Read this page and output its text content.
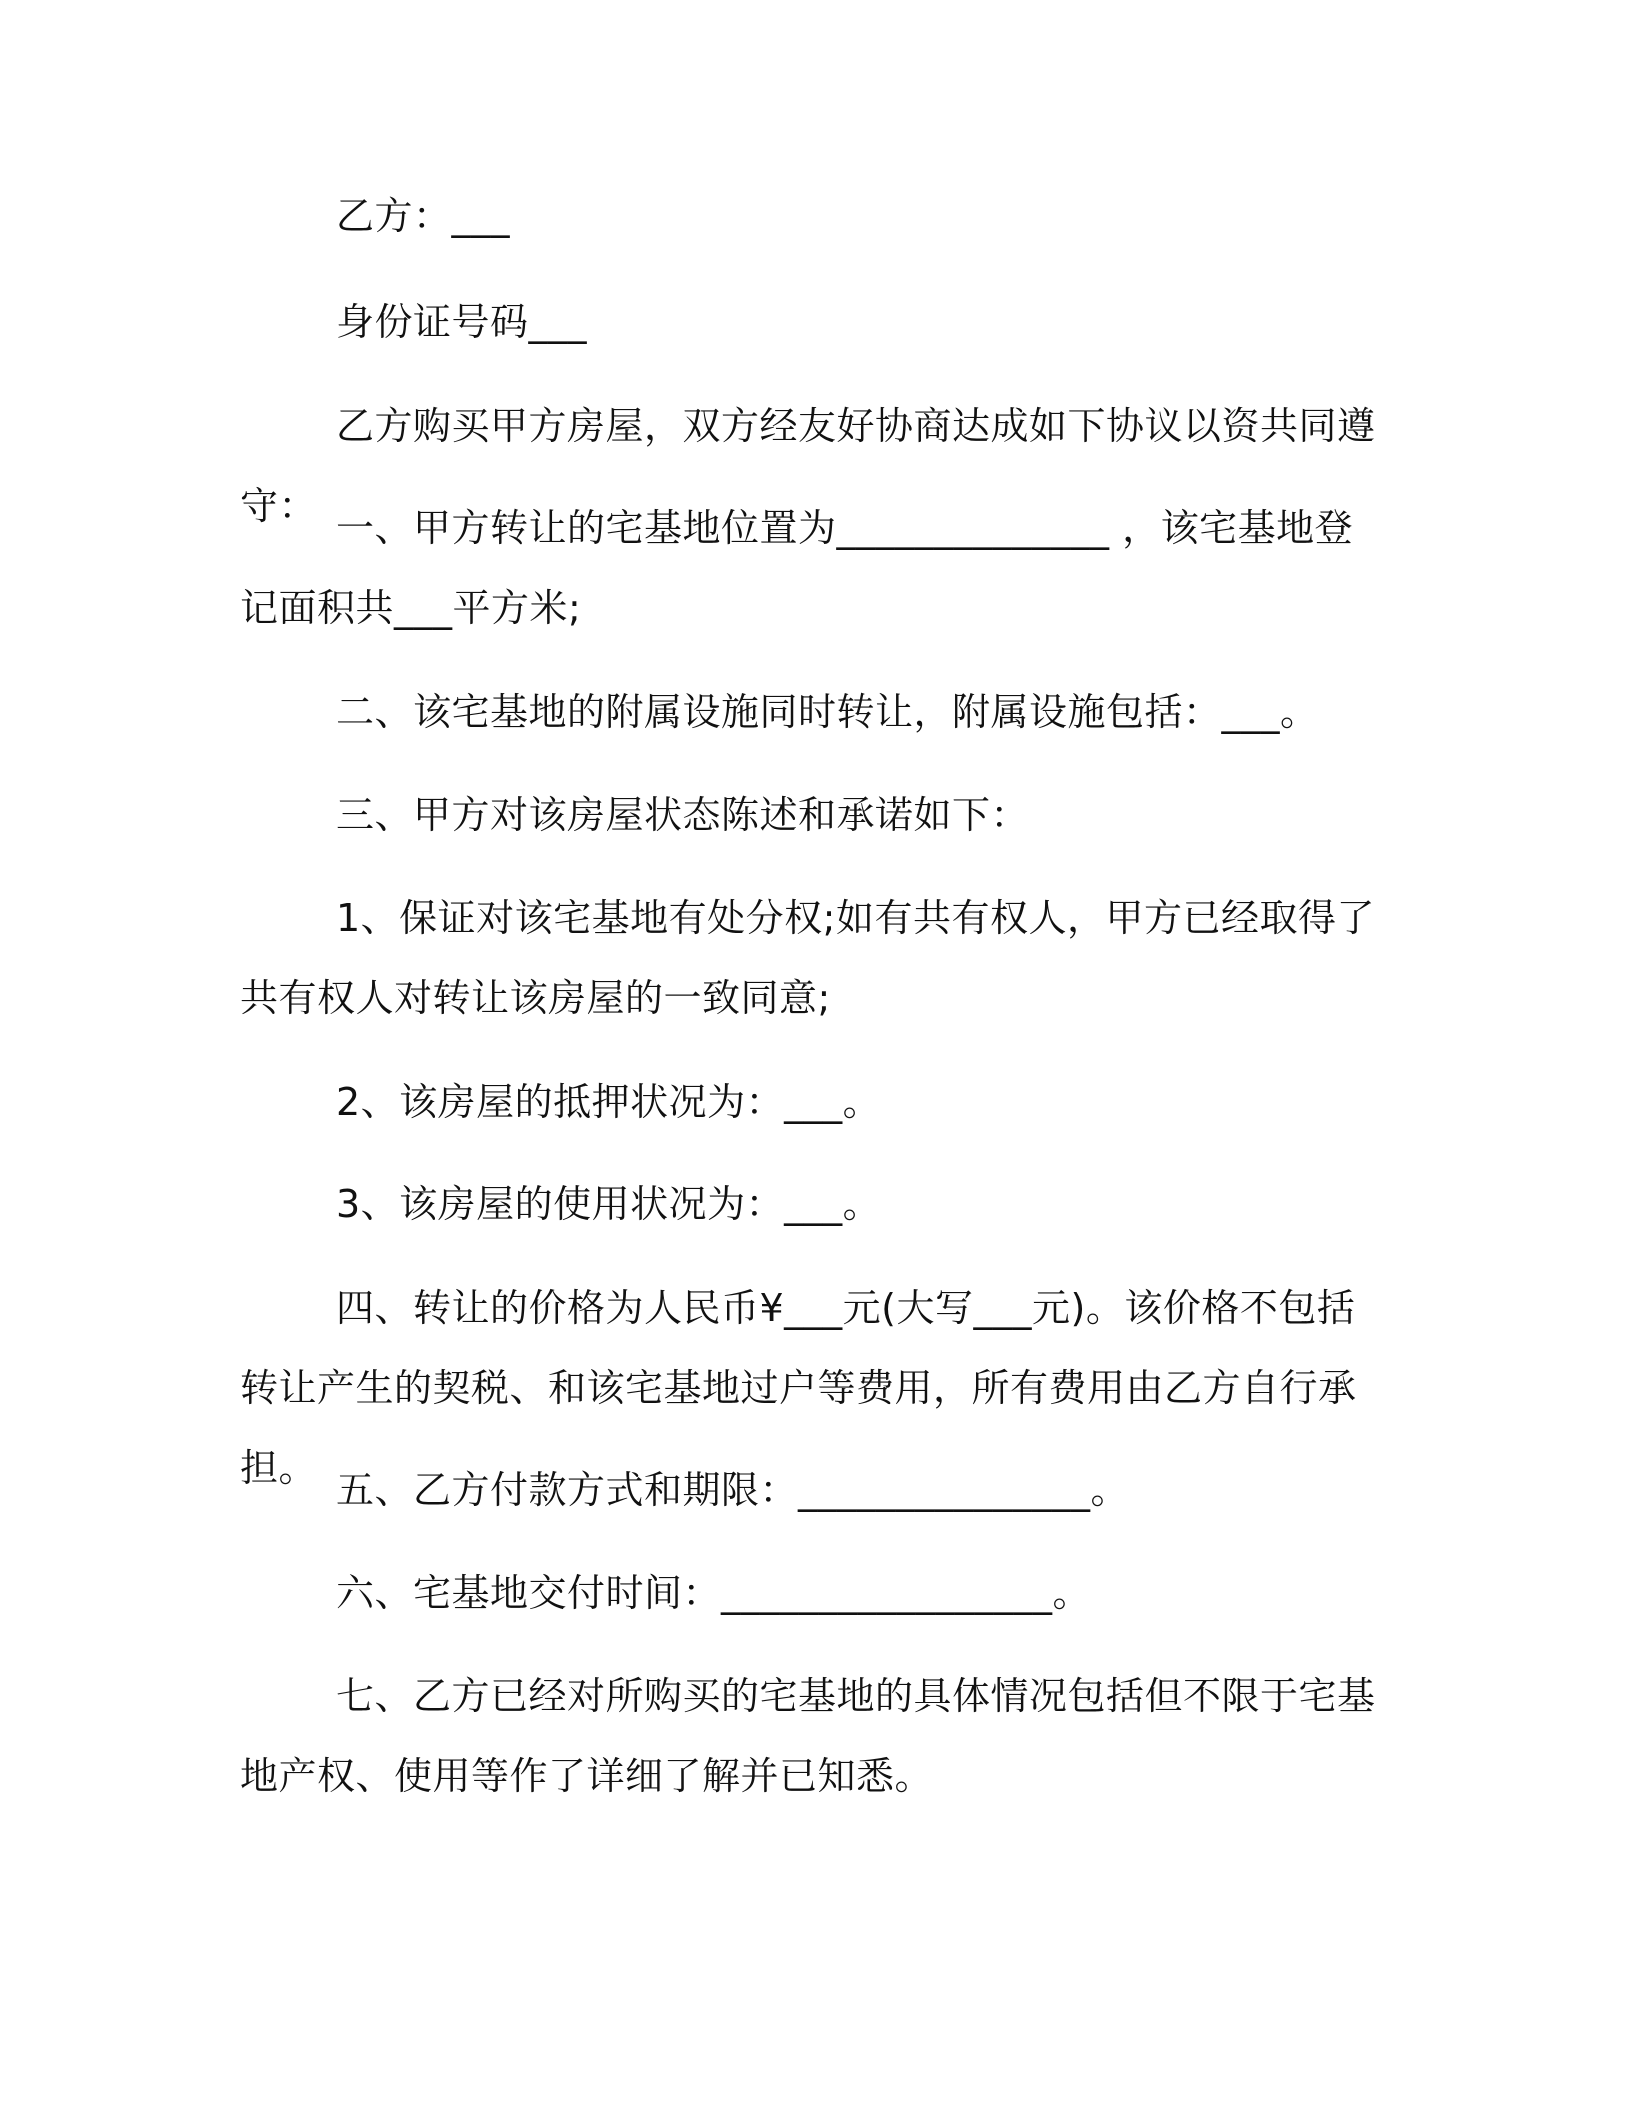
乙方：___

身份证号码___

乙方购买甲方房屋，双方经友好协商达成如下协议以资共同遵守： 一、甲方转让的宅基地位置为______________ ，该宅基地登记面积共___平方米;

二、该宅基地的附属设施同时转让，附属设施包括：___。

三、甲方对该房屋状态陈述和承诺如下：

1、保证对该宅基地有处分权;如有共有权人，甲方已经取得了共有权人对转让该房屋的一致同意;

2、该房屋的抵押状况为：___。

3、该房屋的使用状况为：___。

四、转让的价格为人民币¥___元(大写___元)。该价格不包括转让产生的契税、和该宅基地过户等费用，所有费用由乙方自行承担。 五、乙方付款方式和期限：_______________。

六、宅基地交付时间：_________________。

七、乙方已经对所购买的宅基地的具体情况包括但不限于宅基地产权、使用等作了详细了解并已知悉。
